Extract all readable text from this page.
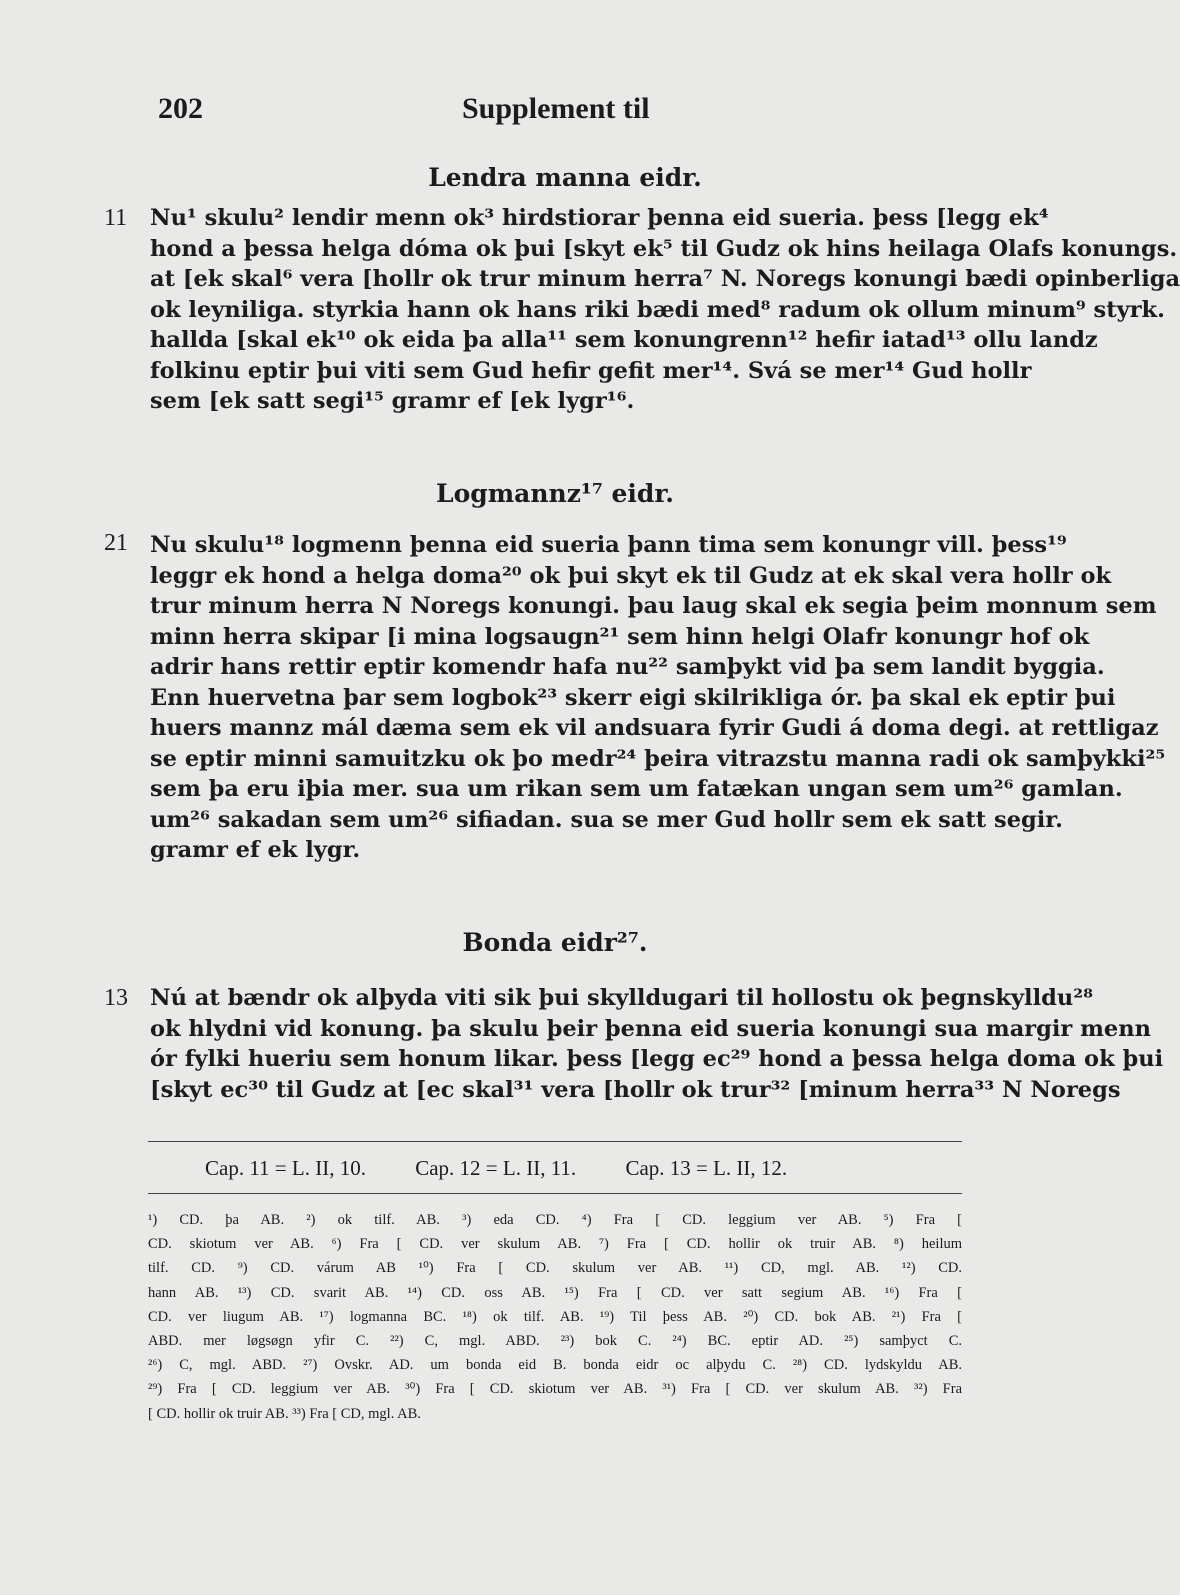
202	Supplement til
Lendra manna eidr.
11 Nu¹ skulu² lendir menn ok³ hirdstiorar þenna eid sueria. þess [legg ek⁴
hond a þessa helga dóma ok þui [skyt ek⁵ til Gudz ok hins heilaga Olafs konungs.
at [ek skal⁶ vera [hollr ok trur minum herra⁷ N. Noregs konungi bædi opinberliga
ok leyniliga. styrkia hann ok hans riki bædi med⁸ radum ok ollum minum⁹ styrk.
hallda [skal ek¹⁰ ok eida þa alla¹¹ sem konungrenn¹² hefir iatad¹³ ollu landz
folkinu eptir þui viti sem Gud hefir gefit mer¹⁴. Svá se mer¹⁴ Gud hollr
sem [ek satt segi¹⁵ gramr ef [ek lygr¹⁶.
Logmannz¹⁷ eidr.
21 Nu skulu¹⁸ logmenn þenna eid sueria þann tima sem konungr vill. þess¹⁹
leggr ek hond a helga doma²⁰ ok þui skyt ek til Gudz at ek skal vera hollr ok
trur minum herra N Noregs konungi. þau laug skal ek segia þeim monnum sem
minn herra skipar [i mina logsaugn²¹ sem hinn helgi Olafr konungr hof ok
adrir hans rettir eptir komendr hafa nu²² samþykt vid þa sem landit byggia.
Enn huervetna þar sem logbok²³ skerr eigi skilrikliga ór. þa skal ek eptir þui
huers mannz mál dæma sem ek vil andsuara fyrir Gudi á doma degi. at rettligaz
se eptir minni samuitzku ok þo medr²⁴ þeira vitrazstu manna radi ok samþykki²⁵
sem þa eru iþia mer. sua um rikan sem um fatækan ungan sem um²⁶ gamlan.
um²⁶ sakadan sem um²⁶ sifiadan. sua se mer Gud hollr sem ek satt segir.
gramr ef ek lygr.
Bonda eidr²⁷.
13 Nú at bændr ok alþyda viti sik þui skylldugari til hollostu ok þegnskylldu²⁸
ok hlydni vid konung. þa skulu þeir þenna eid sueria konungi sua margir menn
ór fylki hueriu sem honum likar. þess [legg ec²⁹ hond a þessa helga doma ok þui
[skyt ec³⁰ til Gudz at [ec skal³¹ vera [hollr ok trur³² [minum herra³³ N Noregs
Cap. 11 = L. II, 10. Cap. 12 = L. II, 11. Cap. 13 = L. II, 12.
¹) CD. þa AB. ²) ok tilf. AB. ³) eda CD. ⁴) Fra [ CD. leggium ver AB. ⁵) Fra [
CD. skiotum ver AB. ⁶) Fra [ CD. ver skulum AB. ⁷) Fra [ CD. hollir ok truir AB. ⁸) heilum
tilf. CD. ⁹) CD. várum AB ¹⁰) Fra [ CD. skulum ver AB. ¹¹) CD, mgl. AB. ¹²) CD.
hann AB. ¹³) CD. svarit AB. ¹⁴) CD. oss AB. ¹⁵) Fra [ CD. ver satt segium AB. ¹⁶) Fra [
CD. ver liugum AB. ¹⁷) logmanna BC. ¹⁸) ok tilf. AB. ¹⁹) Til þess AB. ²⁰) CD. bok AB. ²¹) Fra [
ABD. mer løgsøgn yfir C. ²²) C, mgl. ABD. ²³) bok C. ²⁴) BC. eptir AD. ²⁵) samþyct C.
²⁶) C, mgl. ABD. ²⁷) Ovskr. AD. um bonda eid B. bonda eidr oc alþydu C. ²⁸) CD. lydskyldu AB.
²⁹) Fra [ CD. leggium ver AB. ³⁰) Fra [ CD. skiotum ver AB. ³¹) Fra [ CD. ver skulum AB. ³²) Fra
[ CD. hollir ok truir AB. ³³) Fra [ CD, mgl. AB.
